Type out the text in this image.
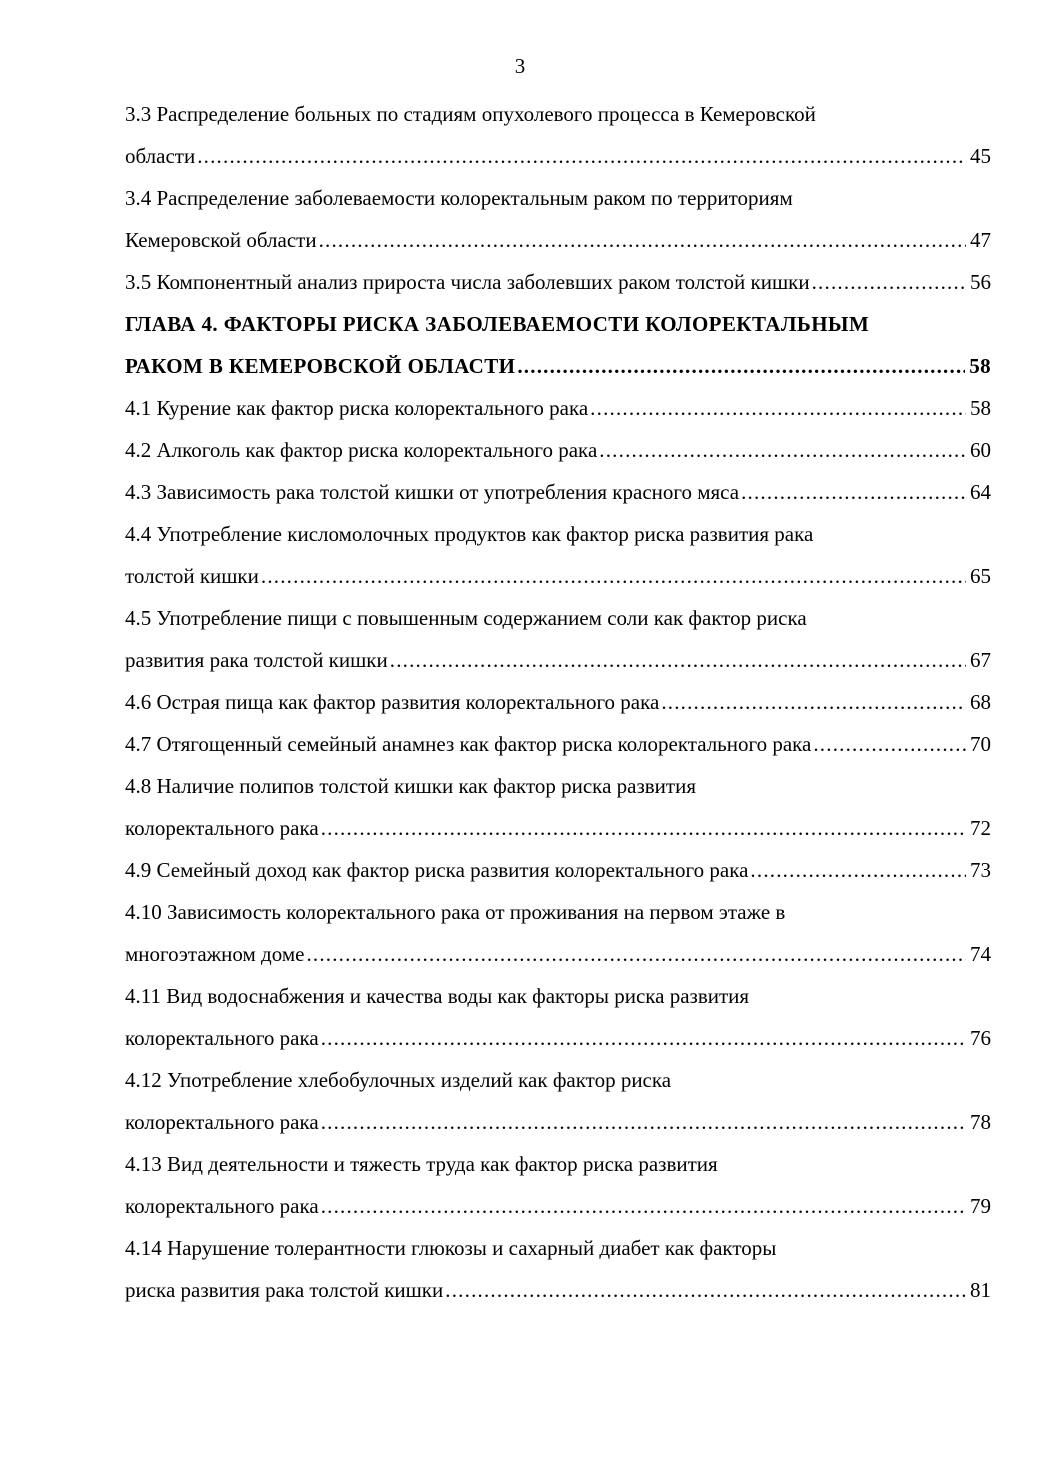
3
3.3 Распределение больных по стадиям опухолевого процесса в Кемеровской
области .....	45
3.4 Распределение заболеваемости колоректальным раком по территориям
Кемеровской области .....	47
3.5 Компонентный анализ прироста числа заболевших раком толстой кишки .....	56
ГЛАВА 4. ФАКТОРЫ РИСКА ЗАБОЛЕВАЕМОСТИ КОЛОРЕКТАЛЬНЫМ
РАКОМ В КЕМЕРОВСКОЙ ОБЛАСТИ .....	58
4.1 Курение как фактор риска колоректального рака .....	58
4.2 Алкоголь как фактор риска колоректального рака .....	60
4.3 Зависимость рака толстой кишки от употребления красного мяса .....	64
4.4 Употребление кисломолочных продуктов как фактор риска развития рака
толстой кишки .....	65
4.5 Употребление пищи с повышенным содержанием соли как фактор риска
развития рака толстой кишки .....	67
4.6 Острая пища как фактор развития колоректального рака .....	68
4.7 Отягощенный семейный анамнез как фактор риска колоректального рака .....	70
4.8 Наличие полипов толстой кишки как фактор риска развития
колоректального рака .....	72
4.9 Семейный доход как фактор риска развития колоректального рака .....	73
4.10 Зависимость колоректального рака от проживания на первом этаже в
многоэтажном доме .....	74
4.11 Вид водоснабжения и качества воды как факторы риска развития
колоректального рака .....	76
4.12 Употребление хлебобулочных изделий как фактор риска
колоректального рака .....	78
4.13 Вид деятельности и тяжесть труда как фактор риска развития
колоректального рака .....	79
4.14 Нарушение толерантности глюкозы и сахарный диабет как факторы
риска развития рака толстой кишки .....	81
